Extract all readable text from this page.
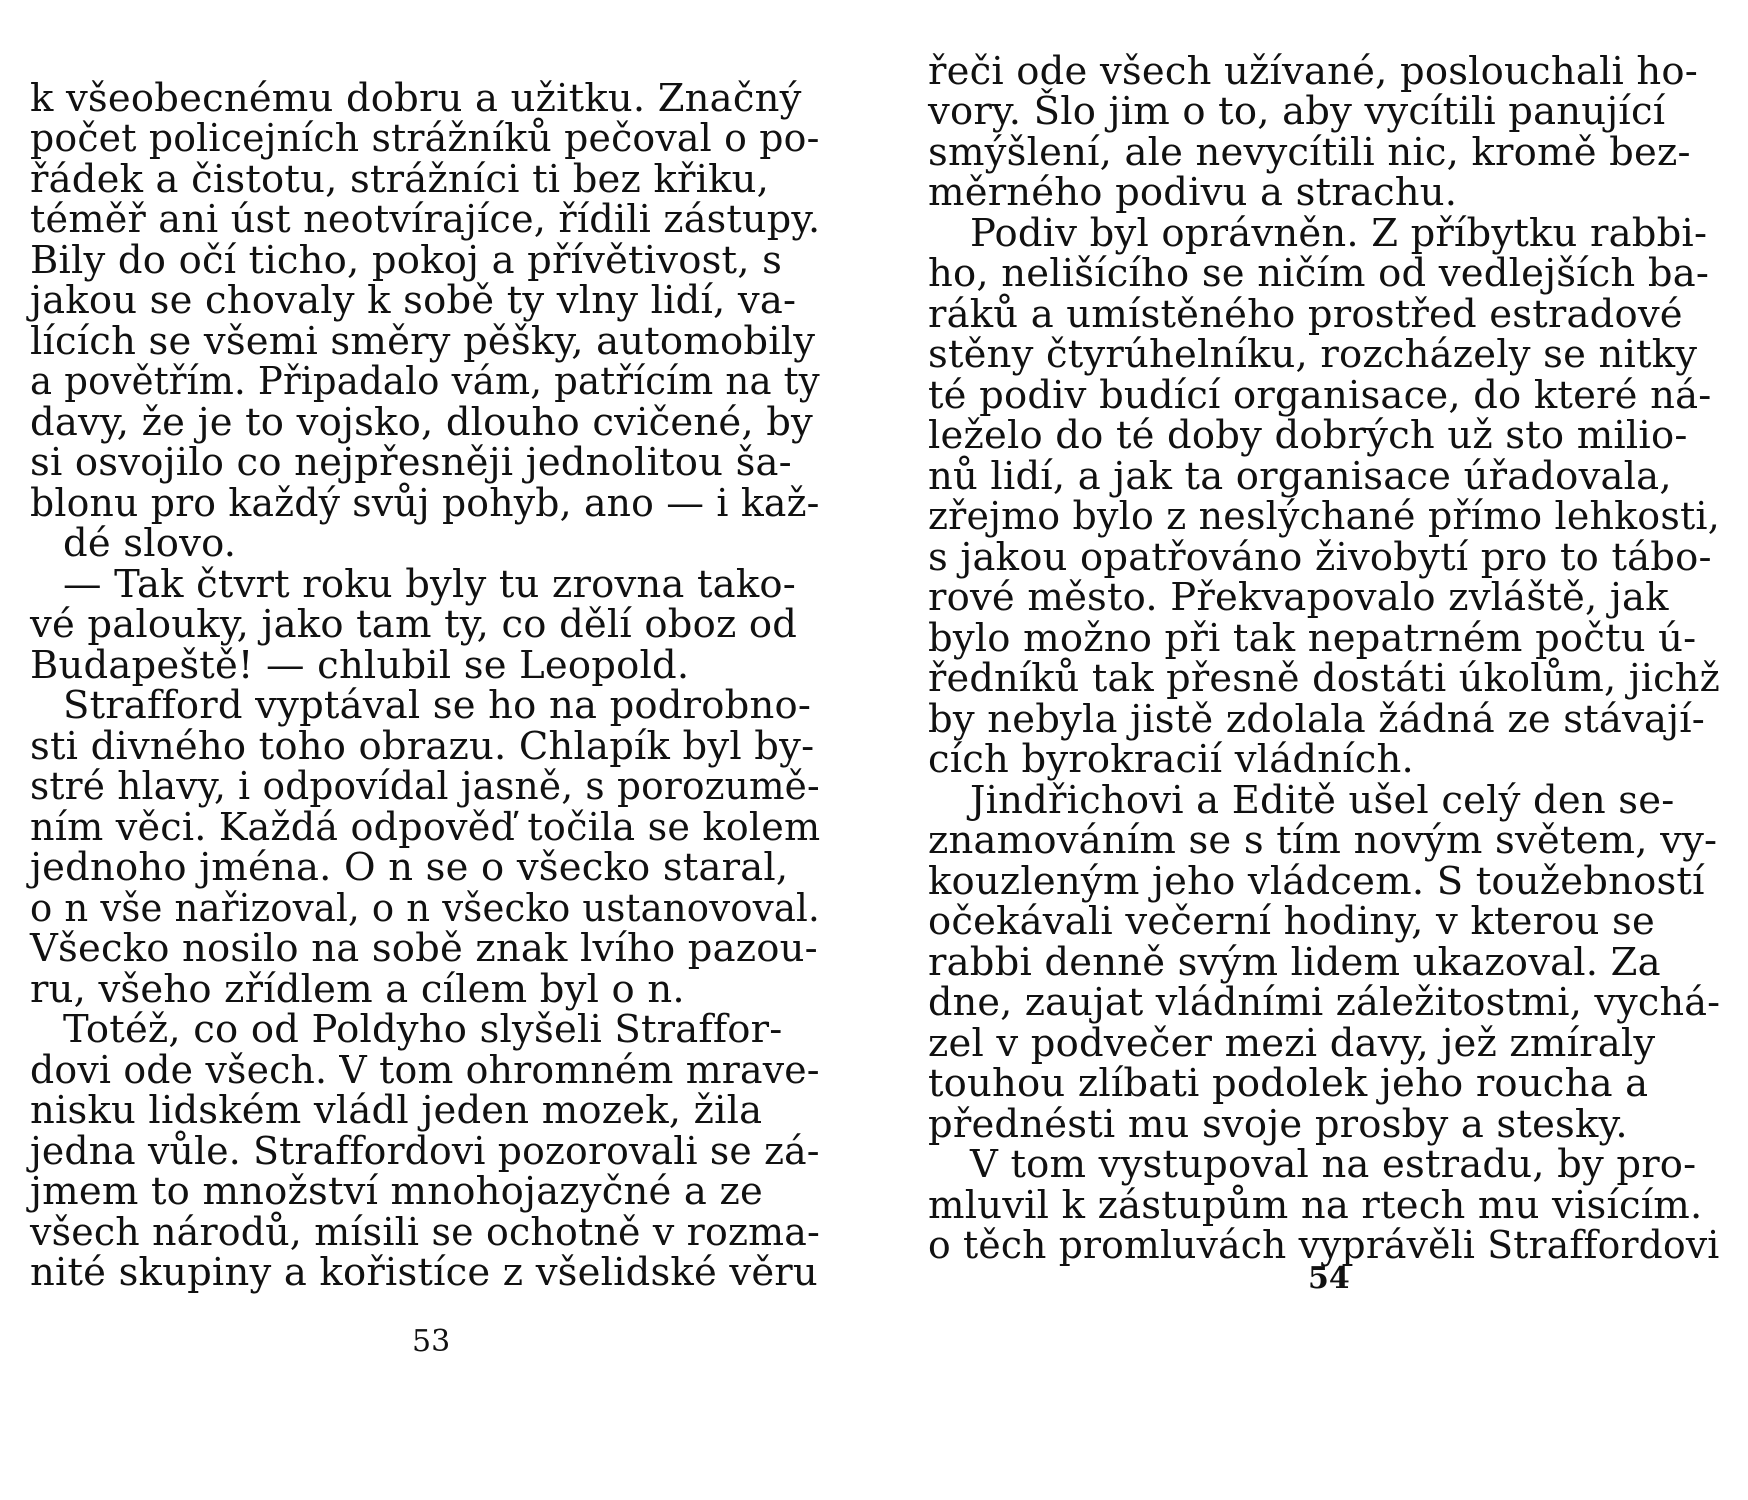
k všeobecnému dobru a užitku. Značný
počet policejních strážníků pečoval o po-
řádek a čistotu, strážníci ti bez křiku,
téměř ani úst neotvírajíce, řídili zástupy.
Bily do očí ticho, pokoj a přívětivost, s
jakou se chovaly k sobě ty vlny lidí, va-
lících se všemi směry pěšky, automobily
a povětřím. Připadalo vám, patřícím na ty
davy, že je to vojsko, dlouho cvičené, by
si osvojilo co nejpřesněji jednolitou ša-
blonu pro každý svůj pohyb, ano — i kaž-
dé slovo.
— Tak čtvrt roku byly tu zrovna tako-
vé palouky, jako tam ty, co dělí obоz od
Budapeště! — chlubil se Leopold.
Strafford vyptával se ho na podrobno-
sti divného toho obrazu. Chlapík byl by-
stré hlavy, i odpovídal jasně, s porozumě-
ním věci. Každá odpověď točila se kolem
jednoho jména. O n se o všecko staral,
o n vše nařizoval, o n všecko ustanovoval.
Všecko nosilo na sobě znak lvího pazou-
ru, všeho zřídlem a cílem byl o n.
Totéž, co od Poldyho slyšeli Straffor-
dovi ode všech. V tom ohromném mrave-
nisku lidském vládl jeden mozek, žila
jedna vůle. Straffordovi pozorovali se zá-
jmem to množství mnohojazyčné a ze
všech národů, mísili se ochotně v rozma-
nité skupiny a kořistíce z všelidské věru
53
řeči ode všech užívané, poslouchali ho-
vory. Šlo jim o to, aby vycítili panující
smýšlení, ale nevycítili nic, kromě bez-
měrného podivu a strachu.
Podiv byl oprávněn. Z příbytku rabbi-
ho, nelišícího se ničím od vedlejších ba-
ráků a umístěného prostřed estradové
stěny čtyrúhelníku, rozcházely se nitky
té podiv budící organisace, do které ná-
leželo do té doby dobrých už sto milio-
nů lidí, a jak ta organisace úřadovala,
zřejmo bylo z neslýchané přímo lehkosti,
s jakou opatřováno živobytí pro to tábo-
rové město. Překvapovalo zvláště, jak
bylo možno při tak nepatrném počtu ú-
ředníků tak přesně dostáti úkolům, jichž
by nebyla jistě zdolala žádná ze stávají-
cích byrokracií vládních.
Jindřichovi a Editě ušel celý den se-
znamováním se s tím novým světem, vy-
kouzleným jeho vládcem. S toužebností
očekávali večerní hodiny, v kterou se
rabbi denně svým lidem ukazoval. Za
dne, zaujat vládními záležitostmi, vychá-
zel v podvečer mezi davy, jež zmíraly
touhou zlíbati podolek jeho roucha a
přednésti mu svoje prosby a stesky.
V tom vystupoval na estradu, by pro-
mluvil k zástupům na rtech mu visícím.
o těch promluvách vyprávěli Straffordovi
54
